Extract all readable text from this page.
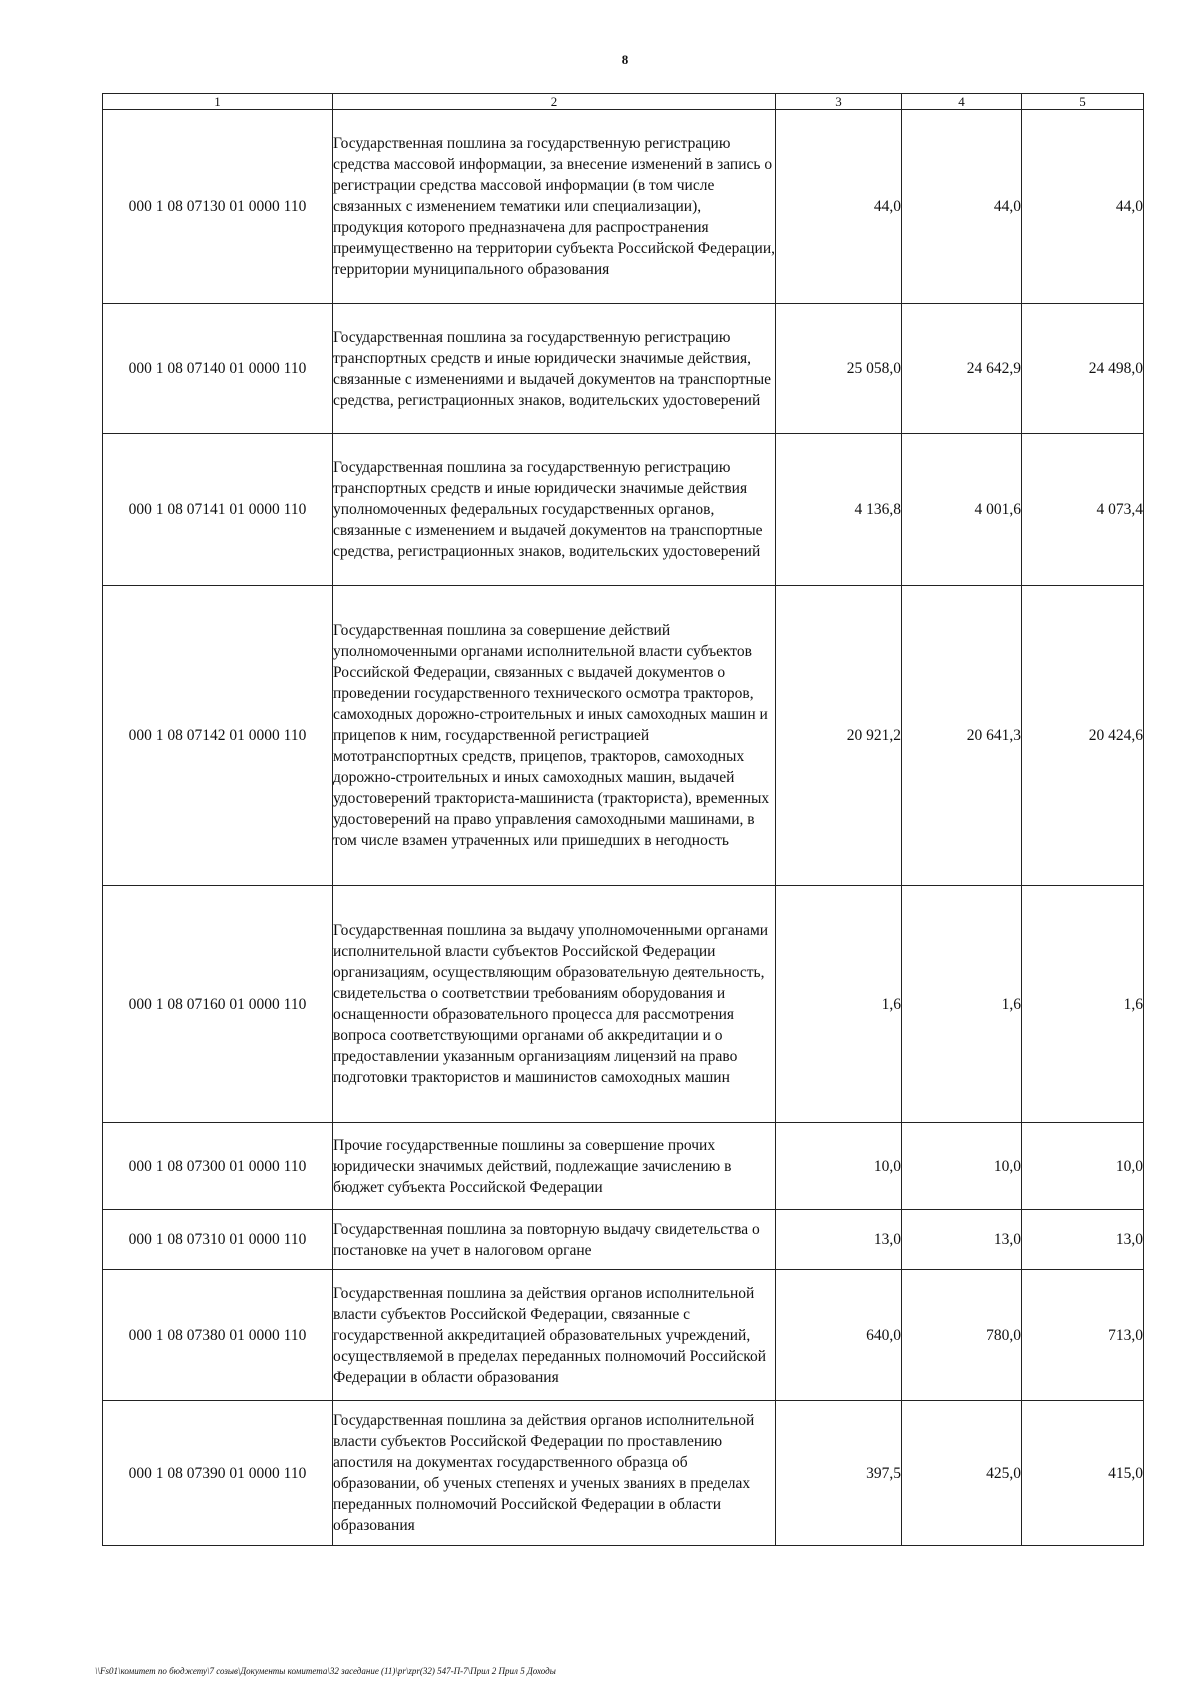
8
1	2	3	4	5
000 1 08 07130 01 0000 110	Государственная пошлина за государственную регистрацию средства массовой информации, за внесение изменений в запись о регистрации средства массовой информации (в том числе связанных с изменением тематики или специализации), продукция которого предназначена для распространения преимущественно на территории субъекта Российской Федерации, территории муниципального образования	44,0	44,0	44,0
000 1 08 07140 01 0000 110	Государственная пошлина за государственную регистрацию транспортных средств и иные юридически значимые действия, связанные с изменениями и выдачей документов на транспортные средства, регистрационных знаков, водительских удостоверений	25 058,0	24 642,9	24 498,0
000 1 08 07141 01 0000 110	Государственная пошлина за государственную регистрацию транспортных средств и иные юридически значимые действия уполномоченных федеральных государственных органов, связанные с изменением и выдачей документов на транспортные средства, регистрационных знаков, водительских удостоверений	4 136,8	4 001,6	4 073,4
000 1 08 07142 01 0000 110	Государственная пошлина за совершение действий уполномоченными органами исполнительной власти субъектов Российской Федерации, связанных с выдачей документов о проведении государственного технического осмотра тракторов, самоходных дорожно-строительных и иных самоходных машин и прицепов к ним, государственной регистрацией мототранспортных средств, прицепов, тракторов, самоходных дорожно-строительных и иных самоходных машин, выдачей удостоверений тракториста-машиниста (тракториста), временных удостоверений на право управления самоходными машинами, в том числе взамен утраченных или пришедших в негодность	20 921,2	20 641,3	20 424,6
000 1 08 07160 01 0000 110	Государственная пошлина за выдачу уполномоченными органами исполнительной власти субъектов Российской Федерации организациям, осуществляющим образовательную деятельность, свидетельства о соответствии требованиям оборудования и оснащенности образовательного процесса для рассмотрения вопроса соответствующими органами об аккредитации и о предоставлении указанным организациям лицензий на право подготовки трактористов и машинистов самоходных машин	1,6	1,6	1,6
000 1 08 07300 01 0000 110	Прочие государственные пошлины за совершение прочих юридически значимых действий, подлежащие зачислению в бюджет субъекта Российской Федерации	10,0	10,0	10,0
000 1 08 07310 01 0000 110	Государственная пошлина за повторную выдачу свидетельства о постановке на учет в налоговом органе	13,0	13,0	13,0
000 1 08 07380 01 0000 110	Государственная пошлина за действия органов исполнительной власти субъектов Российской Федерации, связанные с государственной аккредитацией образовательных учреждений, осуществляемой в пределах переданных полномочий Российской Федерации в области образования	640,0	780,0	713,0
000 1 08 07390 01 0000 110	Государственная пошлина за действия органов исполнительной власти субъектов Российской Федерации по проставлению апостиля на документах государственного образца об образовании, об ученых степенях и ученых званиях в пределах переданных полномочий Российской Федерации в области образования	397,5	425,0	415,0
\\Fs01\комитет по бюджету\7 созыв\Документы комитета\32 заседание (11)\pr\zpr(32) 547-П-7\Прил 2 Прил 5 Доходы
